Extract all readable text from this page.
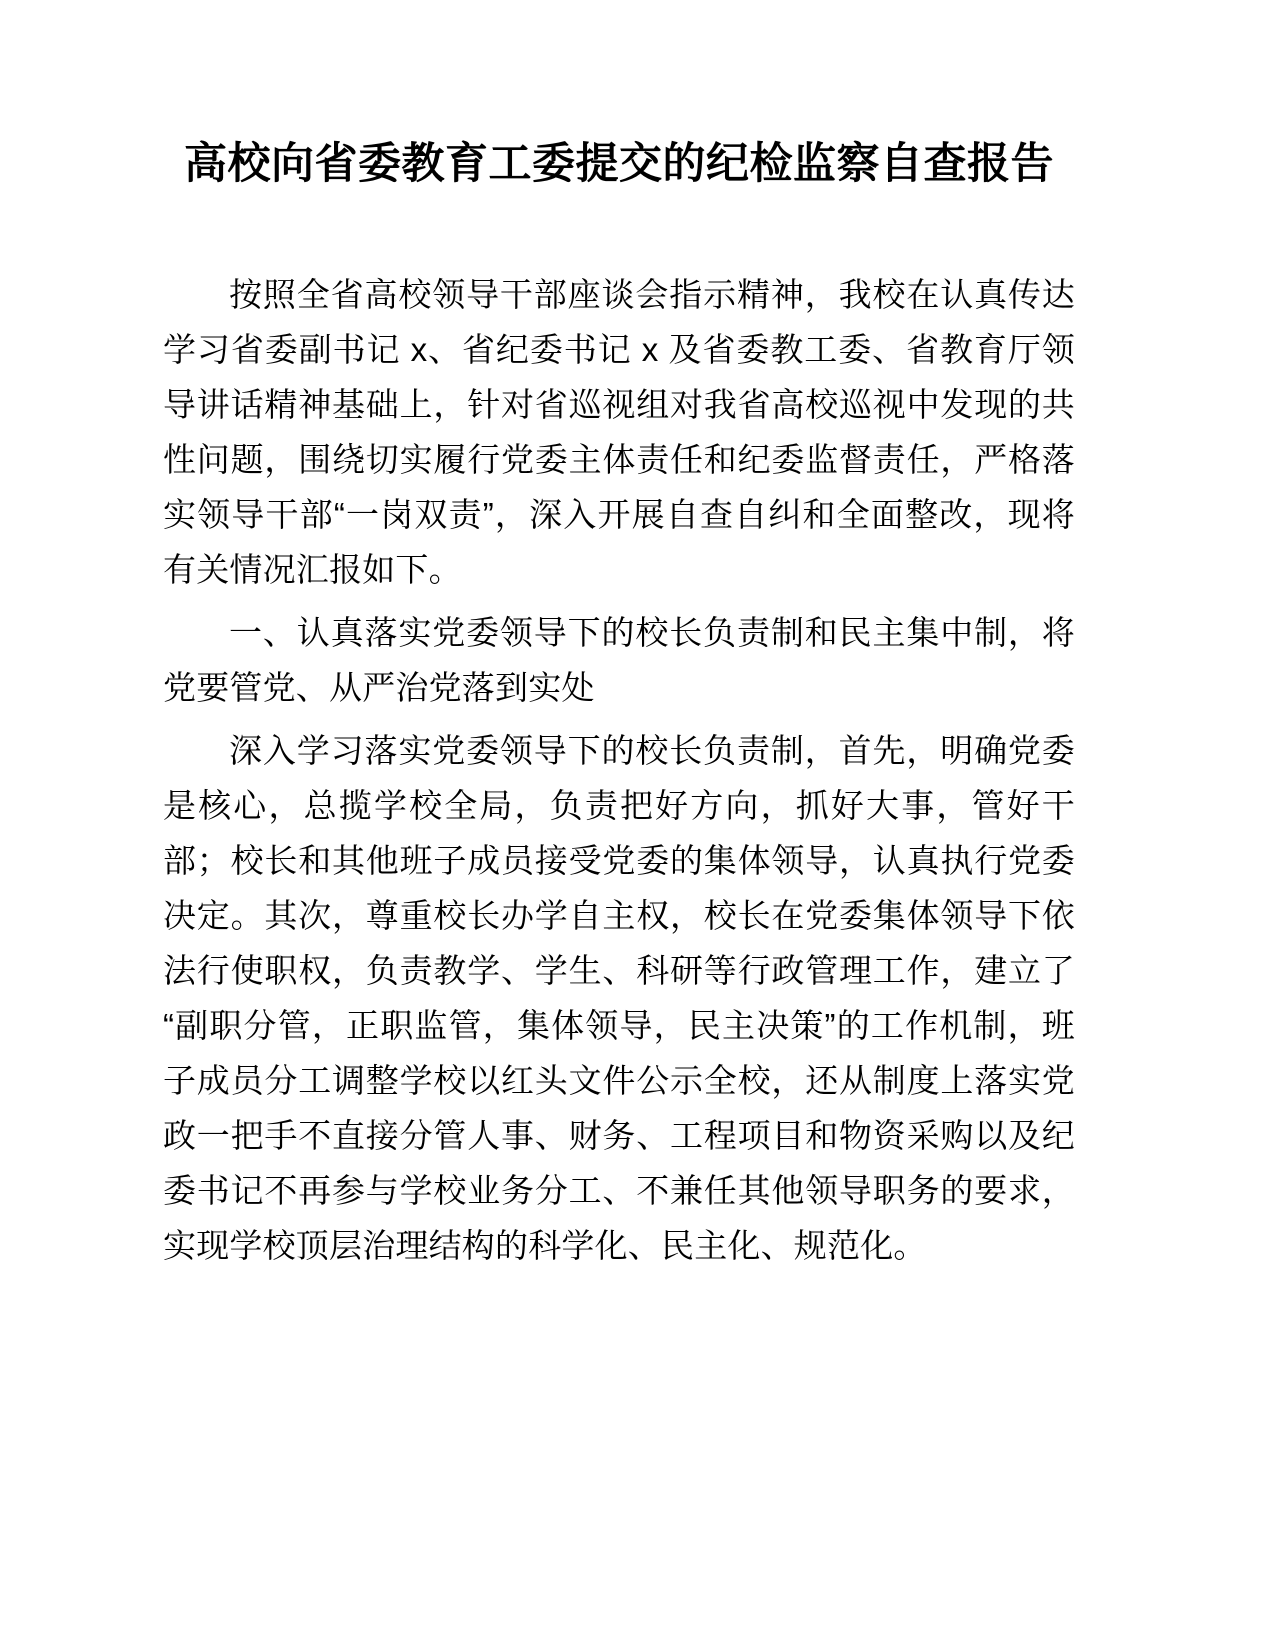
高校向省委教育工委提交的纪检监察自查报告

按照全省高校领导干部座谈会指示精神，我校在认真传达学习省委副书记 x、省纪委书记 x 及省委教工委、省教育厅领导讲话精神基础上，针对省巡视组对我省高校巡视中发现的共性问题，围绕切实履行党委主体责任和纪委监督责任，严格落实领导干部“一岗双责”，深入开展自查自纠和全面整改，现将有关情况汇报如下。

一、认真落实党委领导下的校长负责制和民主集中制，将党要管党、从严治党落到实处

深入学习落实党委领导下的校长负责制，首先，明确党委是核心，总揽学校全局，负责把好方向，抓好大事，管好干部；校长和其他班子成员接受党委的集体领导，认真执行党委决定。其次，尊重校长办学自主权，校长在党委集体领导下依法行使职权，负责教学、学生、科研等行政管理工作，建立了“副职分管，正职监管，集体领导，民主决策”的工作机制，班子成员分工调整学校以红头文件公示全校，还从制度上落实党政一把手不直接分管人事、财务、工程项目和物资采购以及纪委书记不再参与学校业务分工、不兼任其他领导职务的要求，实现学校顶层治理结构的科学化、民主化、规范化。
